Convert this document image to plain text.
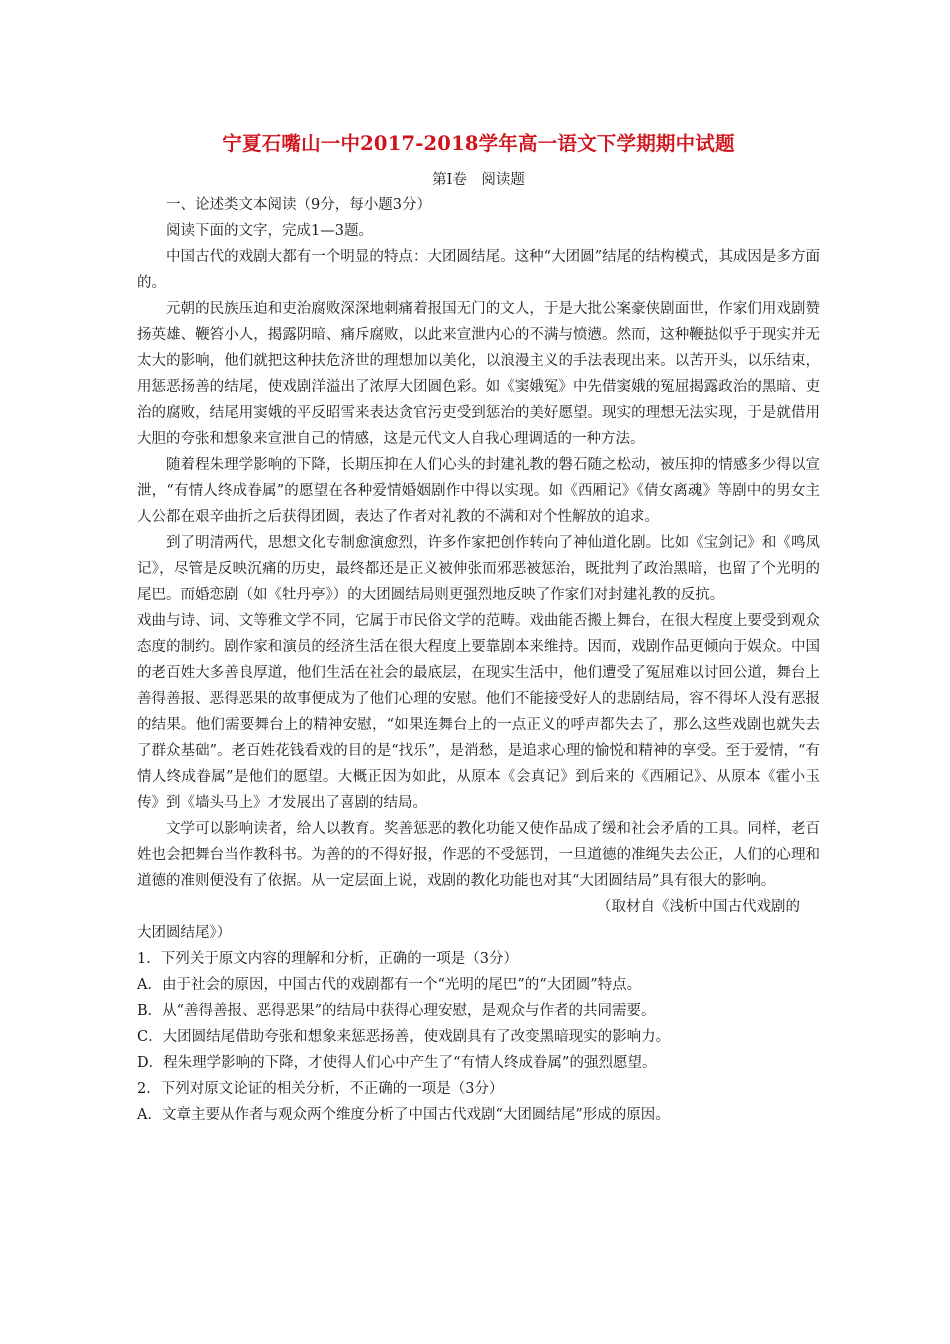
宁夏石嘴山一中2017-2018学年高一语文下学期期中试题

第Ⅰ卷　阅读题

一、论述类文本阅读（9分，每小题3分）

阅读下面的文字，完成1—3题。

中国古代的戏剧大都有一个明显的特点：大团圆结尾。这种“大团圆”结尾的结构模式，其成因是多方面的。

元朝的民族压迫和吏治腐败深深地刺痛着报国无门的文人，于是大批公案豪侠剧面世，作家们用戏剧赞扬英雄、鞭笞小人，揭露阴暗、痛斥腐败，以此来宣泄内心的不满与愤懑。然而，这种鞭挞似乎于现实并无太大的影响，他们就把这种扶危济世的理想加以美化，以浪漫主义的手法表现出来。以苦开头，以乐结束，用惩恶扬善的结尾，使戏剧洋溢出了浓厚大团圆色彩。如《窦娥冤》中先借窦娥的冤屈揭露政治的黑暗、吏治的腐败，结尾用窦娥的平反昭雪来表达贪官污吏受到惩治的美好愿望。现实的理想无法实现，于是就借用大胆的夸张和想象来宣泄自己的情感，这是元代文人自我心理调适的一种方法。

随着程朱理学影响的下降，长期压抑在人们心头的封建礼教的磐石随之松动，被压抑的情感多少得以宣泄，“有情人终成眷属”的愿望在各种爱情婚姻剧作中得以实现。如《西厢记》《倩女离魂》等剧中的男女主人公都在艰辛曲折之后获得团圆，表达了作者对礼教的不满和对个性解放的追求。

到了明清两代，思想文化专制愈演愈烈，许多作家把创作转向了神仙道化剧。比如《宝剑记》和《鸣凤记》，尽管是反映沉痛的历史，最终都还是正义被伸张而邪恶被惩治，既批判了政治黑暗，也留了个光明的尾巴。而婚恋剧（如《牡丹亭》）的大团圆结局则更强烈地反映了作家们对封建礼教的反抗。

戏曲与诗、词、文等雅文学不同，它属于市民俗文学的范畴。戏曲能否搬上舞台，在很大程度上要受到观众态度的制约。剧作家和演员的经济生活在很大程度上要靠剧本来维持。因而，戏剧作品更倾向于娱众。中国的老百姓大多善良厚道，他们生活在社会的最底层，在现实生活中，他们遭受了冤屈难以讨回公道，舞台上善得善报、恶得恶果的故事便成为了他们心理的安慰。他们不能接受好人的悲剧结局，容不得坏人没有恶报的结果。他们需要舞台上的精神安慰，“如果连舞台上的一点正义的呼声都失去了，那么这些戏剧也就失去了群众基础”。老百姓花钱看戏的目的是“找乐”，是消愁，是追求心理的愉悦和精神的享受。至于爱情，“有情人终成眷属”是他们的愿望。大概正因为如此，从原本《会真记》到后来的《西厢记》、从原本《霍小玉传》到《墙头马上》才发展出了喜剧的结局。

文学可以影响读者，给人以教育。奖善惩恶的教化功能又使作品成了缓和社会矛盾的工具。同样，老百姓也会把舞台当作教科书。为善的的不得好报，作恶的不受惩罚，一旦道德的准绳失去公正，人们的心理和道德的准则便没有了依据。从一定层面上说，戏剧的教化功能也对其“大团圆结局”具有很大的影响。

（取材自《浅析中国古代戏剧的
大团圆结尾》）

1．下列关于原文内容的理解和分析，正确的一项是（3分）

A．由于社会的原因，中国古代的戏剧都有一个“光明的尾巴”的“大团圆”特点。

B．从“善得善报、恶得恶果”的结局中获得心理安慰，是观众与作者的共同需要。

C．大团圆结尾借助夸张和想象来惩恶扬善，使戏剧具有了改变黑暗现实的影响力。

D．程朱理学影响的下降，才使得人们心中产生了“有情人终成眷属”的强烈愿望。

2．下列对原文论证的相关分析，不正确的一项是（3分）

A．文章主要从作者与观众两个维度分析了中国古代戏剧“大团圆结尾”形成的原因。
